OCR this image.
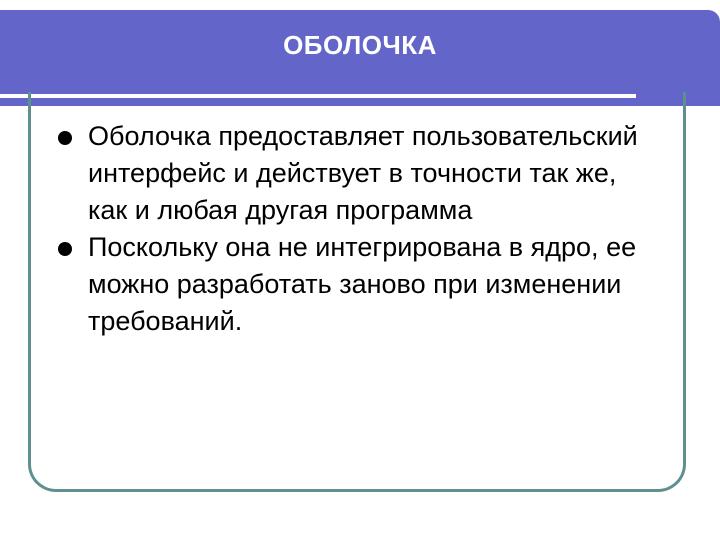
ОБОЛОЧКА
Оболочка предоставляет пользовательский интерфейс и действует в точности так же, как и любая другая программа
Поскольку она не интегрирована в ядро, ее можно разработать заново при изменении требований.
